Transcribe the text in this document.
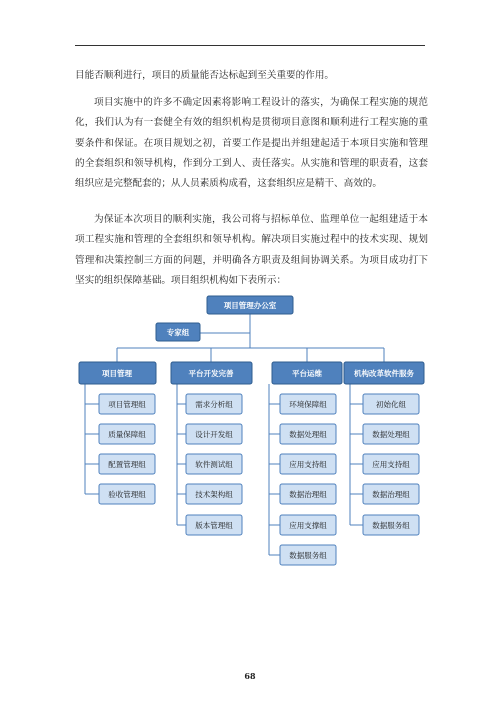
目能否顺利进行，项目的质量能否达标起到至关重要的作用。

项目实施中的许多不确定因素将影响工程设计的落实，为确保工程实施的规范化，我们认为有一套健全有效的组织机构是贯彻项目意图和顺利进行工程实施的重要条件和保证。在项目规划之初，首要工作是提出并组建起适于本项目实施和管理的全套组织和领导机构，作到分工到人、责任落实。从实施和管理的职责看，这套组织应是完整配套的；从人员素质构成看，这套组织应是精干、高效的。

为保证本次项目的顺利实施，我公司将与招标单位、监理单位一起组建适于本项工程实施和管理的全套组织和领导机构。解决项目实施过程中的技术实现、规划管理和决策控制三方面的问题，并明确各方职责及组间协调关系。为项目成功打下坚实的组织保障基础。项目组织机构如下表所示：

项目管理办公室
专家组
项目管理
项目管理组
质量保障组
配置管理组
验收管理组
平台开发完善
需求分析组
设计开发组
软件测试组
技术架构组
版本管理组
平台运维
环境保障组
数据处理组
应用支持组
数据治理组
应用支撑组
数据服务组
机构改革软件服务
初始化组
数据处理组
应用支持组
数据治理组
数据服务组
68
